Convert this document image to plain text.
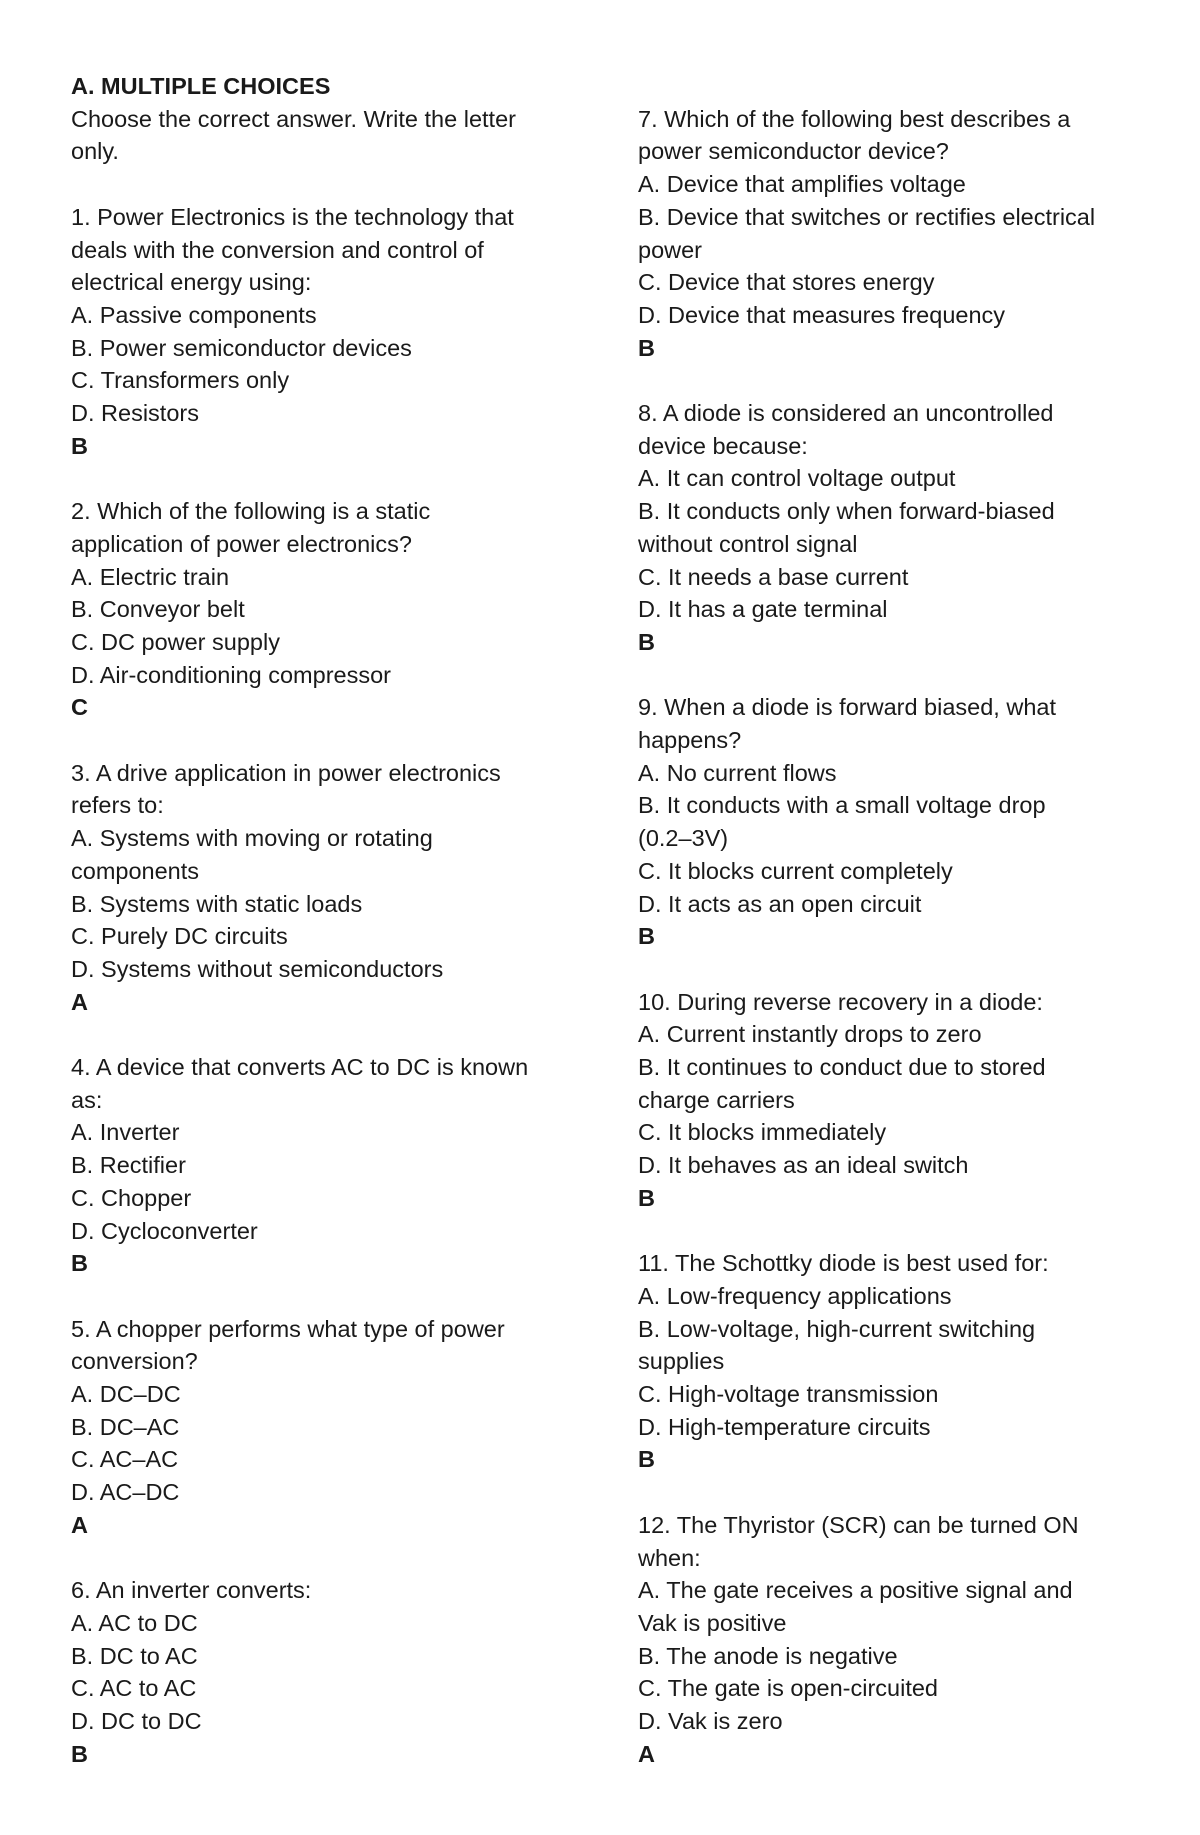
A. MULTIPLE CHOICES
Choose the correct answer. Write the letter
only.
1. Power Electronics is the technology that
deals with the conversion and control of
electrical energy using:
A. Passive components
B. Power semiconductor devices
C. Transformers only
D. Resistors
B
2. Which of the following is a static
application of power electronics?
A. Electric train
B. Conveyor belt
C. DC power supply
D. Air-conditioning compressor
C
3. A drive application in power electronics
refers to:
A. Systems with moving or rotating
components
B. Systems with static loads
C. Purely DC circuits
D. Systems without semiconductors
A
4. A device that converts AC to DC is known
as:
A. Inverter
B. Rectifier
C. Chopper
D. Cycloconverter
B
5. A chopper performs what type of power
conversion?
A. DC–DC
B. DC–AC
C. AC–AC
D. AC–DC
A
6. An inverter converts:
A. AC to DC
B. DC to AC
C. AC to AC
D. DC to DC
B

7. Which of the following best describes a
power semiconductor device?
A. Device that amplifies voltage
B. Device that switches or rectifies electrical
power
C. Device that stores energy
D. Device that measures frequency
B
8. A diode is considered an uncontrolled
device because:
A. It can control voltage output
B. It conducts only when forward-biased
without control signal
C. It needs a base current
D. It has a gate terminal
B
9. When a diode is forward biased, what
happens?
A. No current flows
B. It conducts with a small voltage drop
(0.2–3V)
C. It blocks current completely
D. It acts as an open circuit
B
10. During reverse recovery in a diode:
A. Current instantly drops to zero
B. It continues to conduct due to stored
charge carriers
C. It blocks immediately
D. It behaves as an ideal switch
B
11. The Schottky diode is best used for:
A. Low-frequency applications
B. Low-voltage, high-current switching
supplies
C. High-voltage transmission
D. High-temperature circuits
B
12. The Thyristor (SCR) can be turned ON
when:
A. The gate receives a positive signal and
Vak is positive
B. The anode is negative
C. The gate is open-circuited
D. Vak is zero
A
